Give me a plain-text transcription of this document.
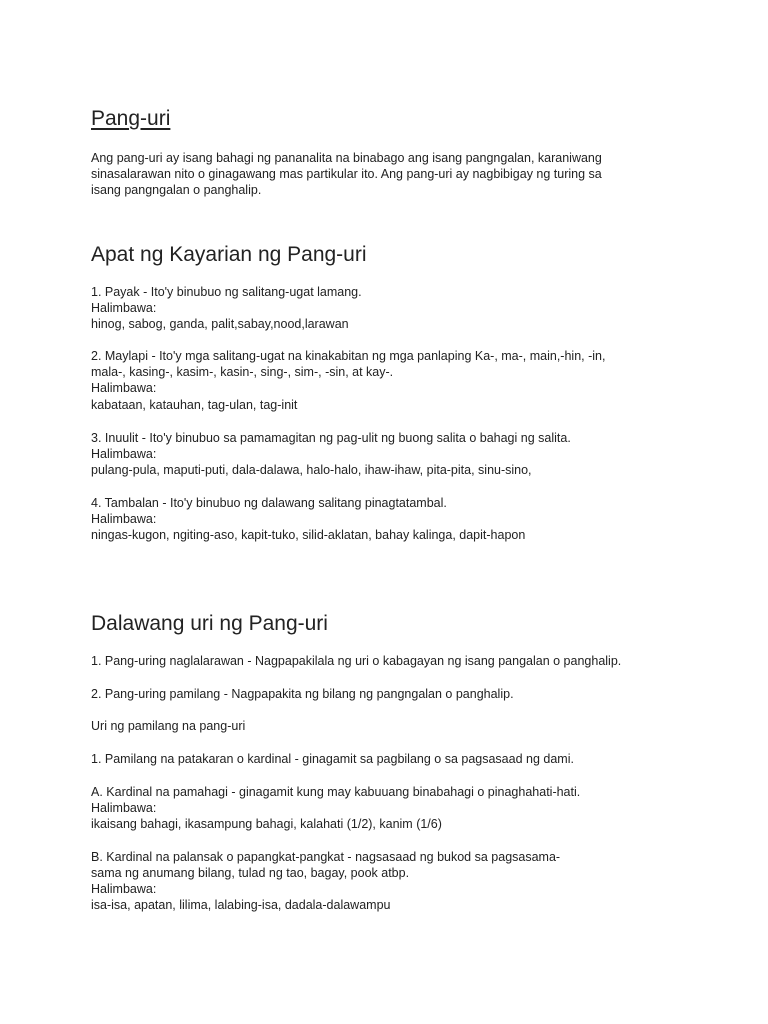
Pang-uri

Ang pang-uri ay isang bahagi ng pananalita na binabago ang isang pangngalan, karaniwang

sinasalarawan nito o ginagawang mas partikular ito. Ang pang-uri ay nagbibigay ng turing sa

isang pangngalan o panghalip.

Apat ng Kayarian ng Pang-uri

1. Payak - Ito'y binubuo ng salitang-ugat lamang.

Halimbawa:

hinog, sabog, ganda, palit,sabay,nood,larawan

2. Maylapi - Ito'y mga salitang-ugat na kinakabitan ng mga panlaping Ka-, ma-, main,-hin, -in,

mala-, kasing-, kasim-, kasin-, sing-, sim-, -sin, at kay-.

Halimbawa:

kabataan, katauhan, tag-ulan, tag-init

3. Inuulit - Ito'y binubuo sa pamamagitan ng pag-ulit ng buong salita o bahagi ng salita.

Halimbawa:

pulang-pula, maputi-puti, dala-dalawa, halo-halo, ihaw-ihaw, pita-pita, sinu-sino,

4. Tambalan - Ito'y binubuo ng dalawang salitang pinagtatambal.

Halimbawa:

ningas-kugon, ngiting-aso, kapit-tuko, silid-aklatan, bahay kalinga, dapit-hapon

Dalawang uri ng Pang-uri

1. Pang-uring naglalarawan - Nagpapakilala ng uri o kabagayan ng isang pangalan o panghalip.

2. Pang-uring pamilang - Nagpapakita ng bilang ng pangngalan o panghalip.

Uri ng pamilang na pang-uri

1. Pamilang na patakaran o kardinal - ginagamit sa pagbilang o sa pagsasaad ng dami.

A. Kardinal na pamahagi - ginagamit kung may kabuuang binabahagi o pinaghahati-hati.

Halimbawa:

ikaisang bahagi, ikasampung bahagi, kalahati (1/2), kanim (1/6)

B. Kardinal na palansak o papangkat-pangkat - nagsasaad ng bukod sa pagsasama-

sama ng anumang bilang, tulad ng tao, bagay, pook atbp.

Halimbawa:

isa-isa, apatan, lilima, lalabing-isa, dadala-dalawampu
